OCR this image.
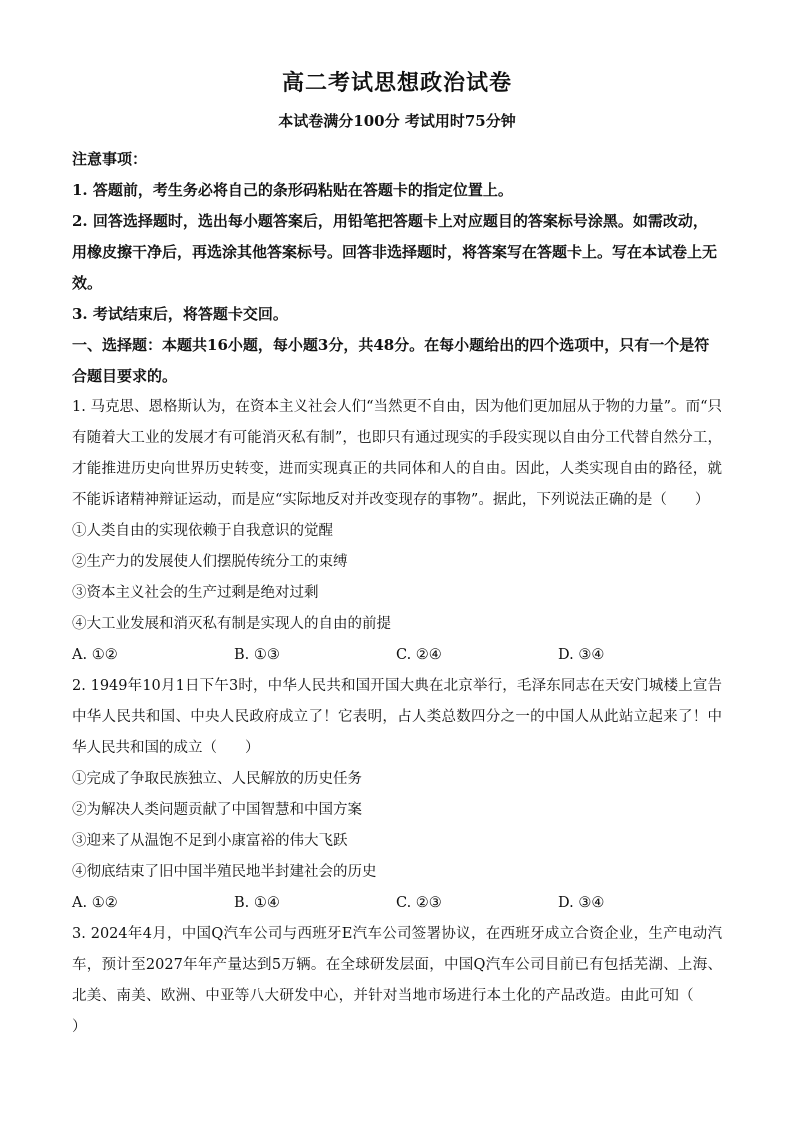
高二考试思想政治试卷
本试卷满分100分 考试用时75分钟

注意事项：

1. 答题前，考生务必将自己的条形码粘贴在答题卡的指定位置上。

2. 回答选择题时，选出每小题答案后，用铅笔把答题卡上对应题目的答案标号涂黑。如需改动，用橡皮擦干净后，再选涂其他答案标号。回答非选择题时，将答案写在答题卡上。写在本试卷上无效。

3. 考试结束后，将答题卡交回。

一、选择题：本题共16小题，每小题3分，共48分。在每小题给出的四个选项中，只有一个是符合题目要求的。

1. 马克思、恩格斯认为，在资本主义社会人们“当然更不自由，因为他们更加屈从于物的力量”。而“只有随着大工业的发展才有可能消灭私有制”，也即只有通过现实的手段实现以自由分工代替自然分工，才能推进历史向世界历史转变，进而实现真正的共同体和人的自由。因此，人类实现自由的路径，就不能诉诸精神辩证运动，而是应“实际地反对并改变现存的事物”。据此，下列说法正确的是（ ）

①人类自由的实现依赖于自我意识的觉醒

②生产力的发展使人们摆脱传统分工的束缚

③资本主义社会的生产过剩是绝对过剩

④大工业发展和消灭私有制是实现人的自由的前提

A. ①②	B. ①③	C. ②④	D. ③④

2. 1949年10月1日下午3时，中华人民共和国开国大典在北京举行，毛泽东同志在天安门城楼上宣告中华人民共和国、中央人民政府成立了！它表明，占人类总数四分之一的中国人从此站立起来了！中华人民共和国的成立（ ）

①完成了争取民族独立、人民解放的历史任务

②为解决人类问题贡献了中国智慧和中国方案

③迎来了从温饱不足到小康富裕的伟大飞跃

④彻底结束了旧中国半殖民地半封建社会的历史

A. ①②	B. ①④	C. ②③	D. ③④

3. 2024年4月，中国Q汽车公司与西班牙E汽车公司签署协议，在西班牙成立合资企业，生产电动汽车，预计至2027年年产量达到5万辆。在全球研发层面，中国Q汽车公司目前已有包括芜湖、上海、北美、南美、欧洲、中亚等八大研发中心，并针对当地市场进行本土化的产品改造。由此可知（）
